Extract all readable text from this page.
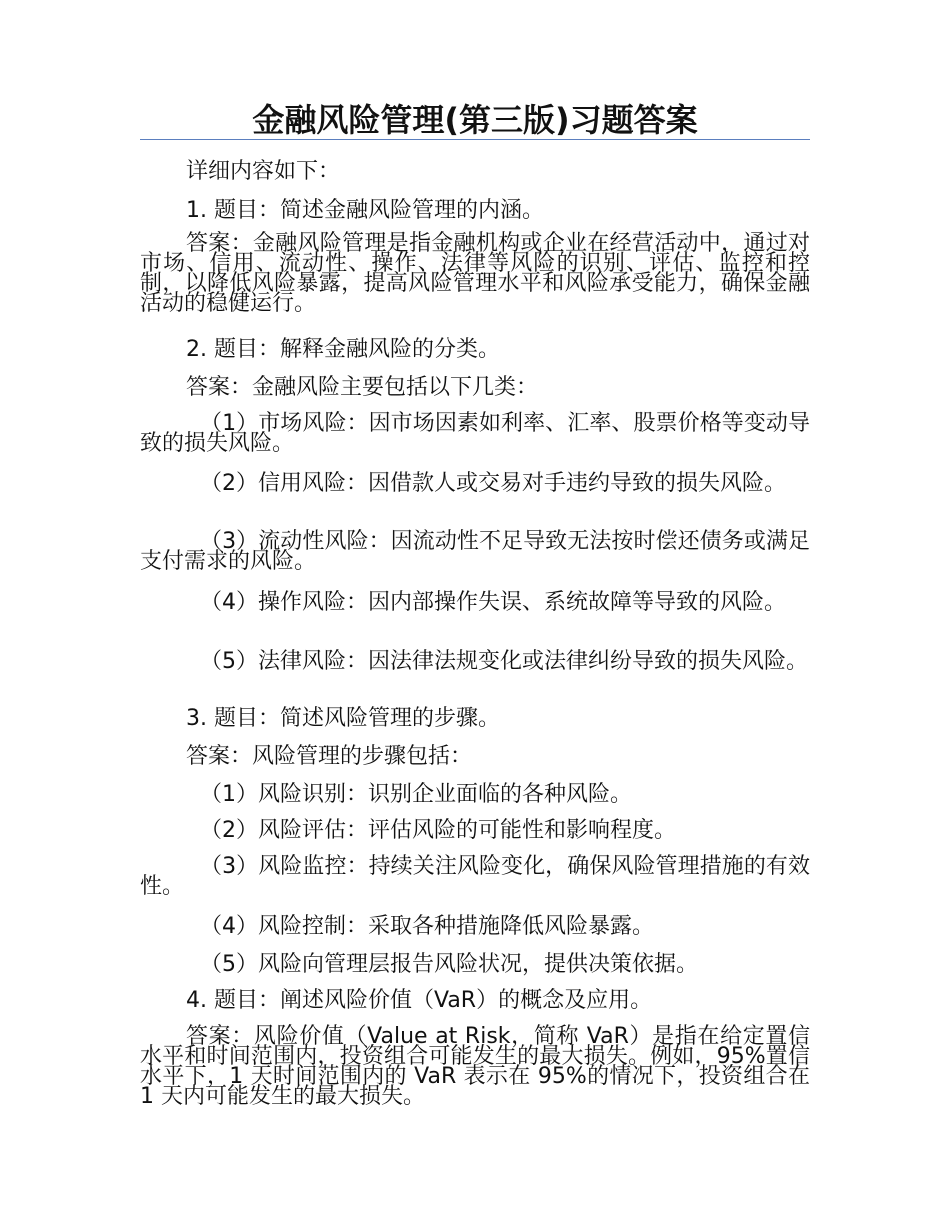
金融风险管理(第三版)习题答案

详细内容如下：

1. 题目：简述金融风险管理的内涵。

答案：金融风险管理是指金融机构或企业在经营活动中，通过对市场、信用、流动性、操作、法律等风险的识别、评估、监控和控制，以降低风险暴露，提高风险管理水平和风险承受能力，确保金融活动的稳健运行。

2. 题目：解释金融风险的分类。

答案：金融风险主要包括以下几类：

（1）市场风险：因市场因素如利率、汇率、股票价格等变动导致的损失风险。

（2）信用风险：因借款人或交易对手违约导致的损失风险。

（3）流动性风险：因流动性不足导致无法按时偿还债务或满足支付需求的风险。

（4）操作风险：因内部操作失误、系统故障等导致的风险。

（5）法律风险：因法律法规变化或法律纠纷导致的损失风险。

3. 题目：简述风险管理的步骤。

答案：风险管理的步骤包括：

（1）风险识别：识别企业面临的各种风险。

（2）风险评估：评估风险的可能性和影响程度。

（3）风险监控：持续关注风险变化，确保风险管理措施的有效性。

（4）风险控制：采取各种措施降低风险暴露。

（5）风险向管理层报告风险状况，提供决策依据。

4. 题目：阐述风险价值（VaR）的概念及应用。

答案：风险价值（Value at Risk，简称 VaR）是指在给定置信水平和时间范围内，投资组合可能发生的最大损失。例如，95%置信水平下，1 天时间范围内的 VaR 表示在 95%的情况下，投资组合在 1 天内可能发生的最大损失。
